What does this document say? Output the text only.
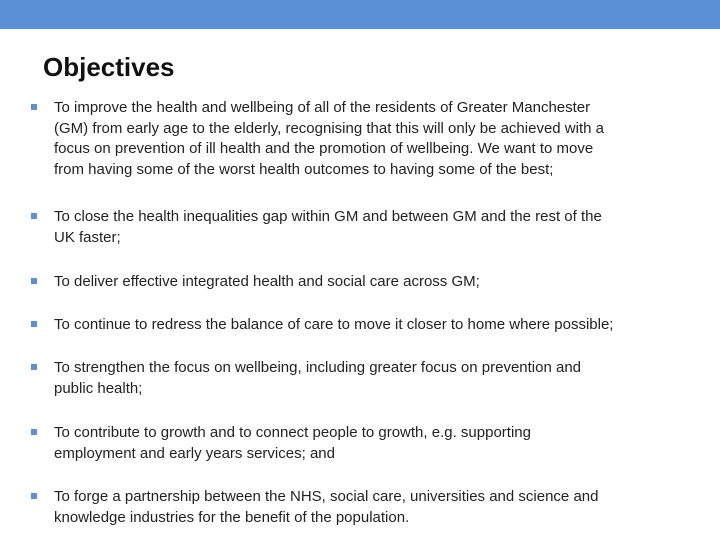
Objectives
To improve the health and wellbeing of all of the residents of Greater Manchester
(GM) from early age to the elderly, recognising that this will only be achieved with a
focus on prevention of ill health and the promotion of wellbeing. We want to move
from having some of the worst health outcomes to having some of the best;
To close the health inequalities gap within GM and between GM and the rest of the
UK faster;
To deliver effective integrated health and social care across GM;
To continue to redress the balance of care to move it closer to home where possible;
To strengthen the focus on wellbeing, including greater focus on prevention and
public health;
To contribute to growth and to connect people to growth, e.g. supporting
employment and early years services; and
To forge a partnership between the NHS, social care, universities and science and
knowledge industries for the benefit of the population.
